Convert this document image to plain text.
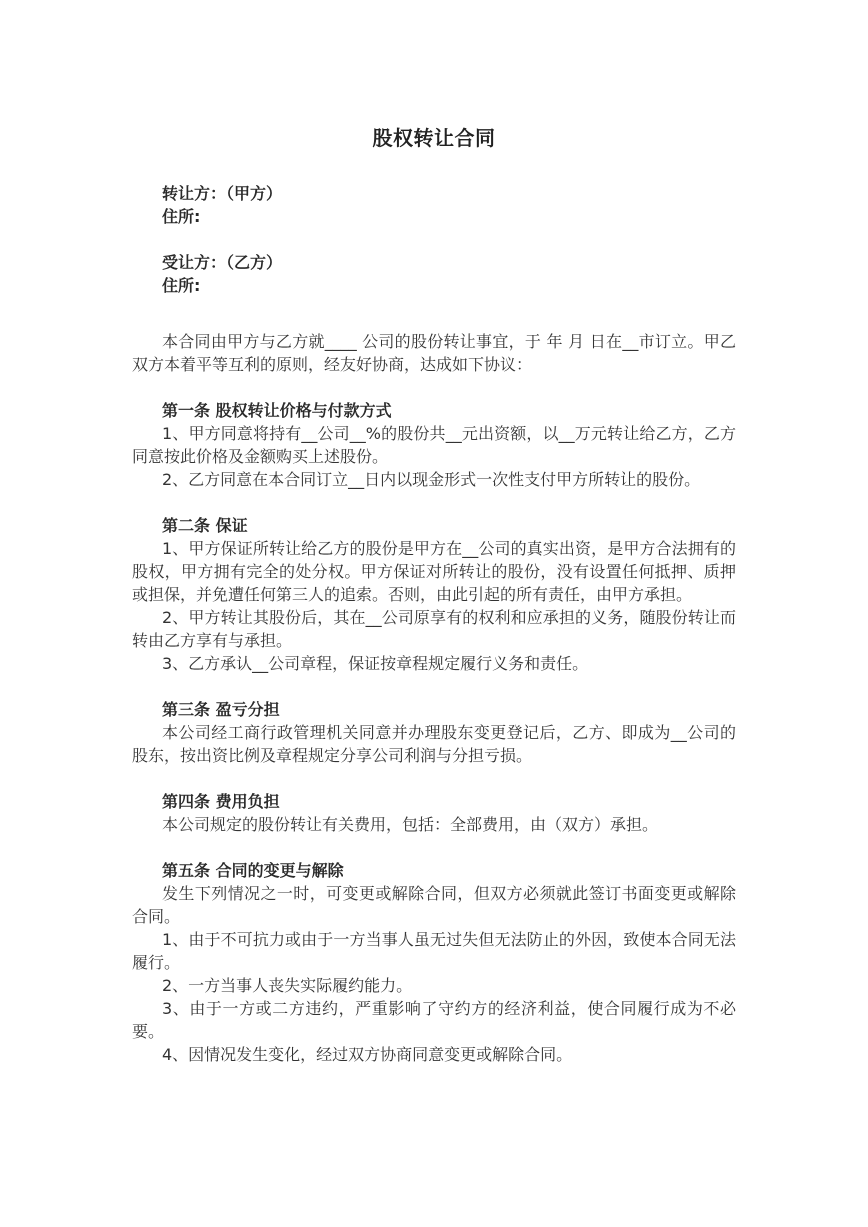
股权转让合同
转让方：（甲方）
住所:
受让方：（乙方）
住所:

本合同由甲方与乙方就____ 公司的股份转让事宜，于 年 月 日在__市订立。甲乙双方本着平等互利的原则，经友好协商，达成如下协议：

第一条 股权转让价格与付款方式

1、甲方同意将持有__公司__%的股份共__元出资额，以__万元转让给乙方，乙方同意按此价格及金额购买上述股份。

2、乙方同意在本合同订立__日内以现金形式一次性支付甲方所转让的股份。

第二条 保证

1、甲方保证所转让给乙方的股份是甲方在__公司的真实出资，是甲方合法拥有的股权，甲方拥有完全的处分权。甲方保证对所转让的股份，没有设置任何抵押、质押或担保，并免遭任何第三人的追索。否则，由此引起的所有责任，由甲方承担。

2、甲方转让其股份后，其在__公司原享有的权利和应承担的义务，随股份转让而转由乙方享有与承担。

3、乙方承认__公司章程，保证按章程规定履行义务和责任。

第三条 盈亏分担

本公司经工商行政管理机关同意并办理股东变更登记后，乙方、即成为__公司的股东，按出资比例及章程规定分享公司利润与分担亏损。

第四条 费用负担

本公司规定的股份转让有关费用，包括：全部费用，由（双方）承担。

第五条 合同的变更与解除

发生下列情况之一时，可变更或解除合同，但双方必须就此签订书面变更或解除合同。

1、由于不可抗力或由于一方当事人虽无过失但无法防止的外因，致使本合同无法履行。

2、一方当事人丧失实际履约能力。

3、由于一方或二方违约，严重影响了守约方的经济利益，使合同履行成为不必要。

4、因情况发生变化，经过双方协商同意变更或解除合同。
